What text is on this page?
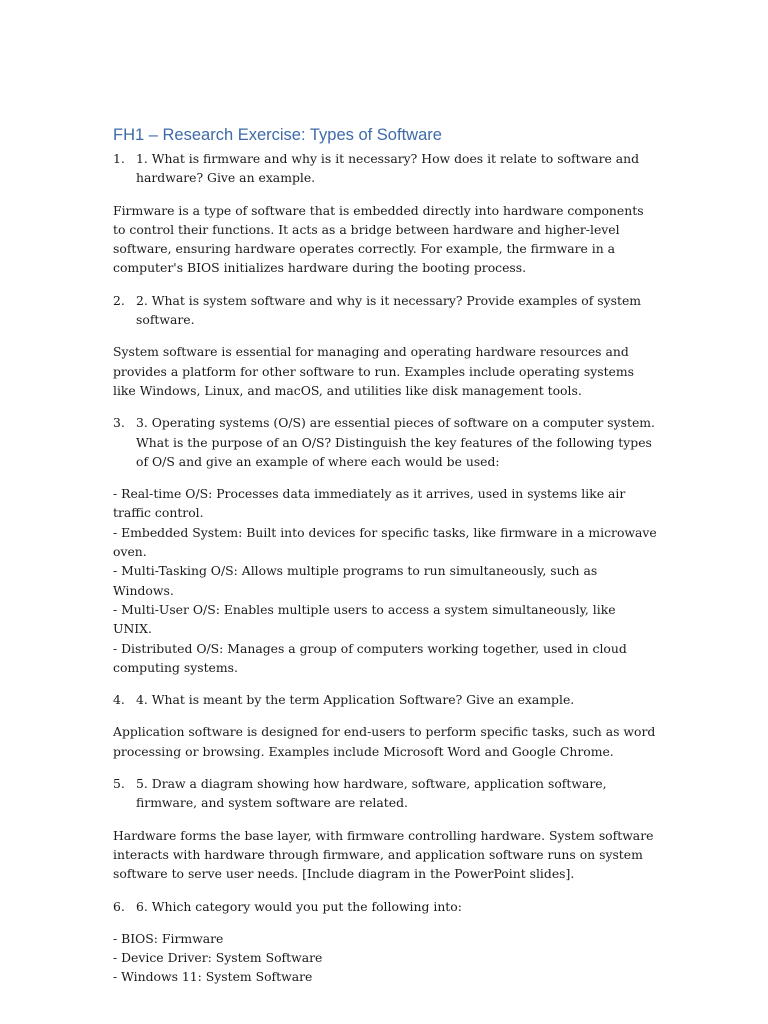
FH1 – Research Exercise: Types of Software
1. 1. What is firmware and why is it necessary? How does it relate to software and hardware? Give an example.
Firmware is a type of software that is embedded directly into hardware components to control their functions. It acts as a bridge between hardware and higher-level software, ensuring hardware operates correctly. For example, the firmware in a computer's BIOS initializes hardware during the booting process.
2. 2. What is system software and why is it necessary? Provide examples of system software.
System software is essential for managing and operating hardware resources and provides a platform for other software to run. Examples include operating systems like Windows, Linux, and macOS, and utilities like disk management tools.
3. 3. Operating systems (O/S) are essential pieces of software on a computer system. What is the purpose of an O/S? Distinguish the key features of the following types of O/S and give an example of where each would be used:
- Real-time O/S: Processes data immediately as it arrives, used in systems like air traffic control.
- Embedded System: Built into devices for specific tasks, like firmware in a microwave oven.
- Multi-Tasking O/S: Allows multiple programs to run simultaneously, such as Windows.
- Multi-User O/S: Enables multiple users to access a system simultaneously, like UNIX.
- Distributed O/S: Manages a group of computers working together, used in cloud computing systems.
4. 4. What is meant by the term Application Software? Give an example.
Application software is designed for end-users to perform specific tasks, such as word processing or browsing. Examples include Microsoft Word and Google Chrome.
5. 5. Draw a diagram showing how hardware, software, application software, firmware, and system software are related.
Hardware forms the base layer, with firmware controlling hardware. System software interacts with hardware through firmware, and application software runs on system software to serve user needs. [Include diagram in the PowerPoint slides].
6. 6. Which category would you put the following into:
- BIOS: Firmware
- Device Driver: System Software
- Windows 11: System Software
